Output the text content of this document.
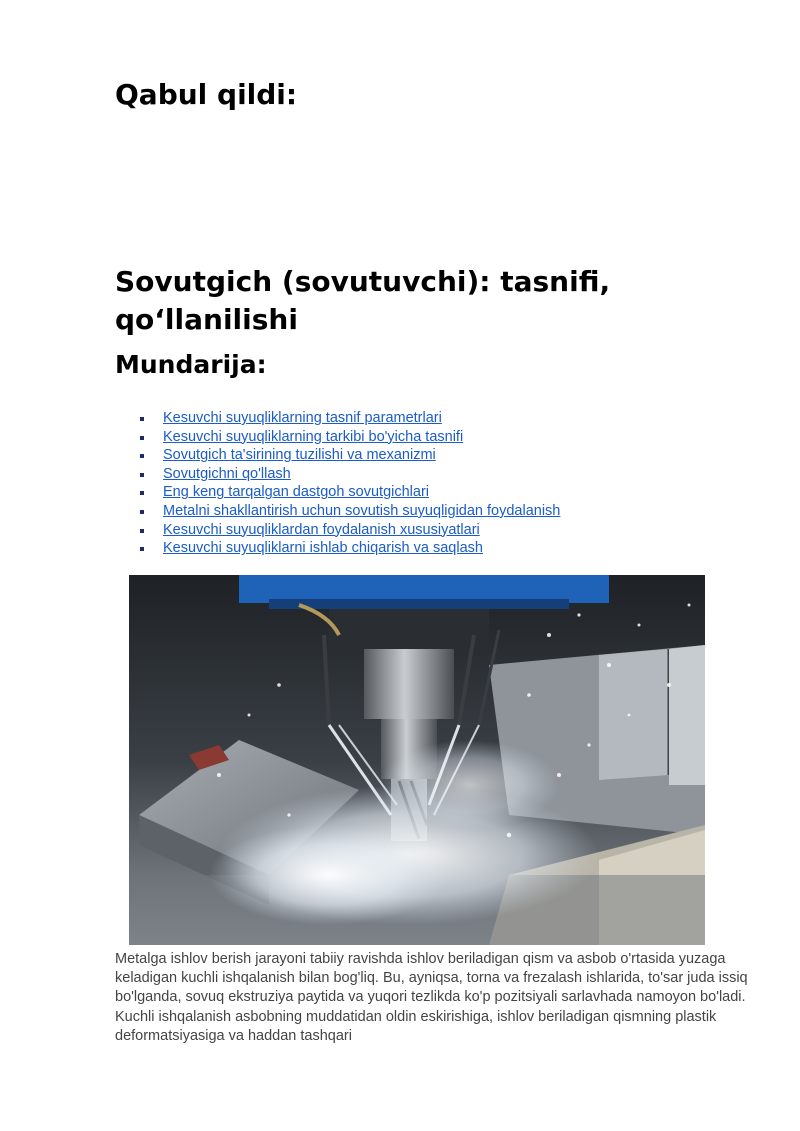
Qabul qildi:
Sovutgich (sovutuvchi): tasnifi, qo‘llanilishi
Mundarija:
Kesuvchi suyuqliklarning tasnif parametrlari
Kesuvchi suyuqliklarning tarkibi bo'yicha tasnifi
Sovutgich ta'sirining tuzilishi va mexanizmi
Sovutgichni qo'llash
Eng keng tarqalgan dastgoh sovutgichlari
Metalni shakllantirish uchun sovutish suyuqligidan foydalanish
Kesuvchi suyuqliklardan foydalanish xususiyatlari
Kesuvchi suyuqliklarni ishlab chiqarish va saqlash

Metalga ishlov berish jarayoni tabiiy ravishda ishlov beriladigan qism va asbob o'rtasida yuzaga keladigan kuchli ishqalanish bilan bog'liq. Bu, ayniqsa, torna va frezalash ishlarida, to'sar juda issiq bo'lganda, sovuq ekstruziya paytida va yuqori tezlikda ko'p pozitsiyali sarlavhada namoyon bo'ladi. Kuchli ishqalanish asbobning muddatidan oldin eskirishiga, ishlov beriladigan qismning plastik deformatsiyasiga va haddan tashqari
